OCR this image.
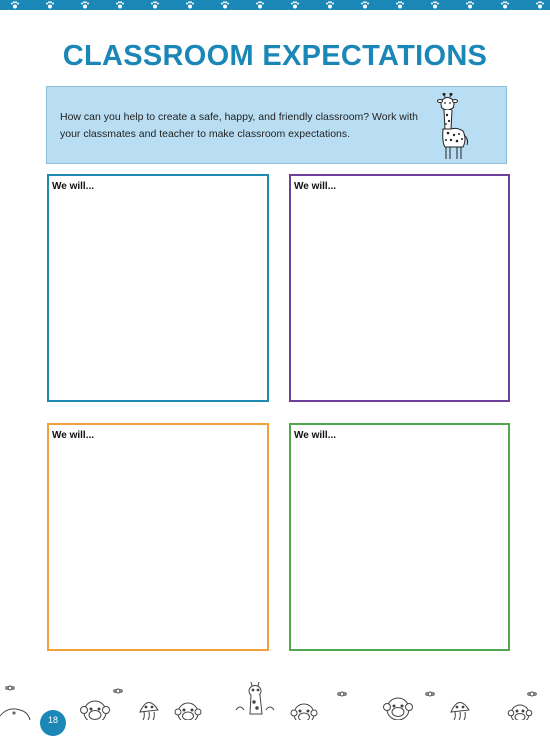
CLASSROOM EXPECTATIONS
How can you help to create a safe, happy, and friendly classroom? Work with your classmates and teacher to make classroom expectations.
We will...	We will...
We will...	We will...
18
